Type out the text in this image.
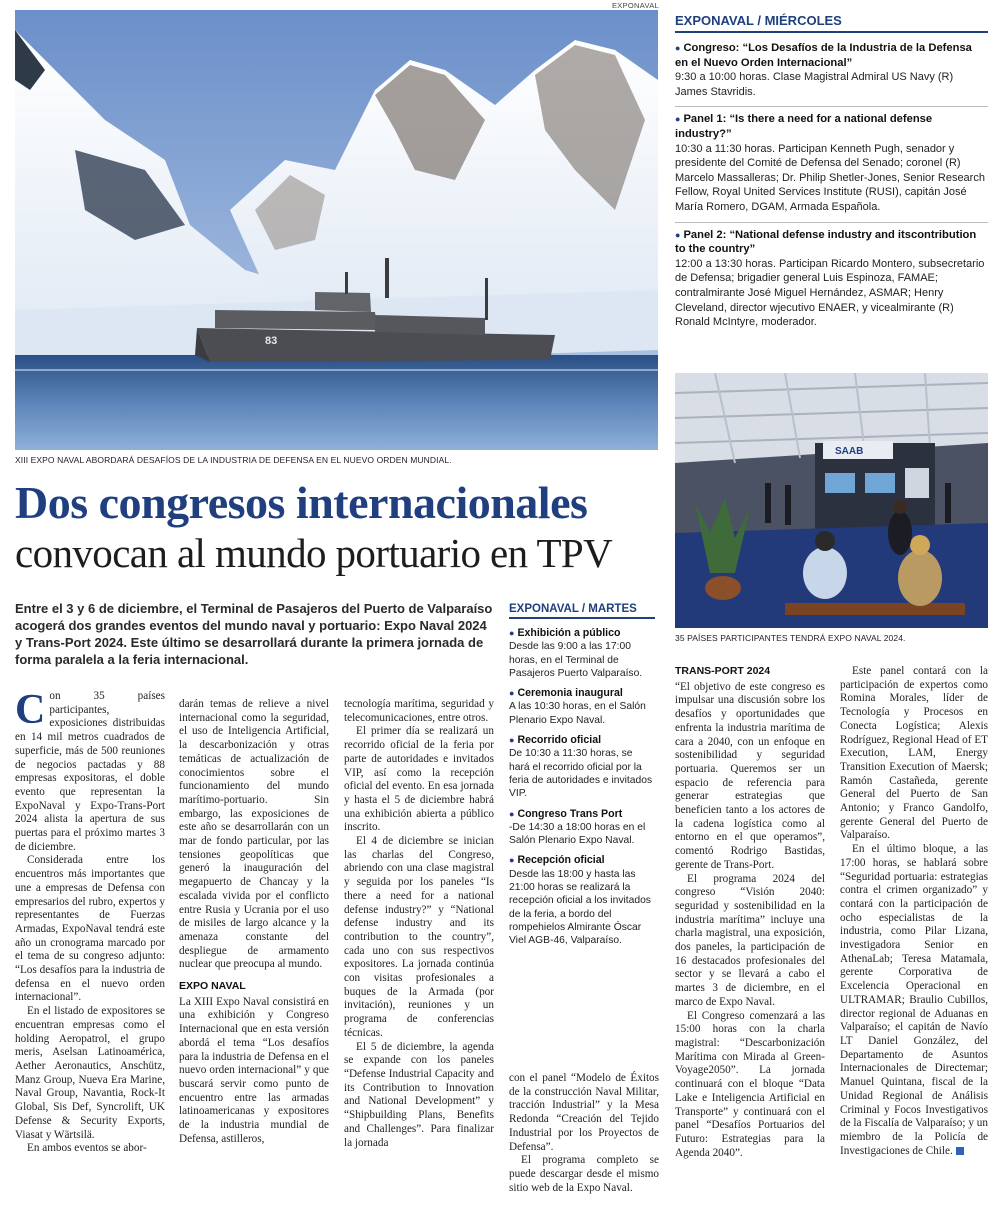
EXPONAVAL
83
XIII EXPO NAVAL ABORDARÁ DESAFÍOS DE LA INDUSTRIA DE DEFENSA EN EL NUEVO ORDEN MUNDIAL.
Dos congresos internacionales
convocan al mundo portuario en TPV
Entre el 3 y 6 de diciembre, el Terminal de Pasajeros del Puerto de Valparaíso acogerá dos grandes eventos del mundo naval y portuario: Expo Naval 2024 y Trans-Port 2024. Este último se desarrollará durante la primera jornada de forma paralela a la feria internacional.

Con 35 países participantes, exposiciones distribuidas en 14 mil metros cuadrados de superficie, más de 500 reuniones de negocios pactadas y 88 empresas expositoras, el doble evento que representan la ExpoNaval y Expo-Trans-Port 2024 alista la apertura de sus puertas para el próximo martes 3 de diciembre.

Considerada entre los encuentros más importantes que une a empresas de Defensa con empresarios del rubro, expertos y representantes de Fuerzas Armadas, ExpoNaval tendrá este año un cronograma marcado por el tema de su congreso adjunto: “Los desafíos para la industria de defensa en el nuevo orden internacional”.

En el listado de expositores se encuentran empresas como el holding Aeropatrol, el grupo meris, Aselsan Latinoamérica, Aether Aeronautics, Anschütz, Manz Group, Nueva Era Marine, Naval Group, Navantia, Rock-It Global, Sis Def, Syncrolift, UK Defense & Security Exports, Viasat y Wärtsilä.

En ambos eventos se abor-

darán temas de relieve a nivel internacional como la seguridad, el uso de Inteligencia Artificial, la descarbonización y otras temáticas de actualización de conocimientos sobre el funcionamiento del mundo marítimo-portuario. Sin embargo, las exposiciones de este año se desarrollarán con un mar de fondo particular, por las tensiones geopolíticas que generó la inauguración del megapuerto de Chancay y la escalada vivida por el conflicto entre Rusia y Ucrania por el uso de misiles de largo alcance y la amenaza constante del despliegue de armamento nuclear que preocupa al mundo.

EXPO NAVAL

La XIII Expo Naval consistirá en una exhibición y Congreso Internacional que en esta versión abordá el tema “Los desafíos para la industria de Defensa en el nuevo orden internacional” y que buscará servir como punto de encuentro entre las armadas latinoamericanas y expositores de la industria mundial de Defensa, astilleros,

tecnología marítima, seguridad y telecomunicaciones, entre otros.

El primer día se realizará un recorrido oficial de la feria por parte de autoridades e invitados VIP, así como la recepción oficial del evento. En esa jornada y hasta el 5 de diciembre habrá una exhibición abierta a público inscrito.

El 4 de diciembre se inician las charlas del Congreso, abriendo con una clase magistral y seguida por los paneles “Is there a need for a national defense industry?” y “National defense industry and its contribution to the country”, cada uno con sus respectivos expositores. La jornada continúa con visitas profesionales a buques de la Armada (por invitación), reuniones y un programa de conferencias técnicas.

El 5 de diciembre, la agenda se expande con los paneles “Defense Industrial Capacity and its Contribution to Innovation and National Development” y “Shipbuilding Plans, Benefits and Challenges”. Para finalizar la jornada

EXPONAVAL / MARTES
● Exhibición a público
Desde las 9:00 a las 17:00 horas, en el Terminal de Pasajeros Puerto Valparaíso.
● Ceremonia inaugural
A las 10:30 horas, en el Salón Plenario Expo Naval.
● Recorrido oficial
De 10:30 a 11:30 horas, se hará el recorrido oficial por la feria de autoridades e invitados VIP.
● Congreso Trans Port
-De 14:30 a 18:00 horas en el Salón Plenario Expo Naval.
● Recepción oficial
Desde las 18:00 y hasta las 21:00 horas se realizará la recepción oficial a los invitados de la feria, a bordo del rompehielos Almirante Óscar Viel AGB-46, Valparaíso.

con el panel “Modelo de Éxitos de la construcción Naval Militar, tracción Industrial” y la Mesa Redonda “Creación del Tejido Industrial por los Proyectos de Defensa”.

El programa completo se puede descargar desde el mismo sitio web de la Expo Naval.

EXPONAVAL / MIÉRCOLES
● Congreso: “Los Desafíos de la Industria de la Defensa en el Nuevo Orden Internacional”
9:30 a 10:00 horas. Clase Magistral Admiral US Navy (R) James Stavridis.
● Panel 1: “Is there a need for a national defense industry?”
10:30 a 11:30 horas. Participan Kenneth Pugh, senador y presidente del Comité de Defensa del Senado; coronel (R) Marcelo Massalleras; Dr. Philip Shetler-Jones, Senior Research Fellow, Royal United Services Institute (RUSI), capitán José María Romero, DGAM, Armada Española.
● Panel 2: “National defense industry and itscontribution to the country”
12:00 a 13:30 horas. Participan Ricardo Montero, subsecretario de Defensa; brigadier general Luis Espinoza, FAMAE; contralmirante José Miguel Hernández, ASMAR; Henry Cleveland, director wjecutivo ENAER, y vicealmirante (R) Ronald McIntyre, moderador.
SAAB
35 PAÍSES PARTICIPANTES TENDRÁ EXPO NAVAL 2024.
TRANS-PORT 2024

“El objetivo de este congreso es impulsar una discusión sobre los desafíos y oportunidades que enfrenta la industria marítima de cara a 2040, con un enfoque en sostenibilidad y seguridad portuaria. Queremos ser un espacio de referencia para generar estrategias que beneficien tanto a los actores de la cadena logística como al entorno en el que operamos”, comentó Rodrigo Bastidas, gerente de Trans-Port.

El programa 2024 del congreso “Visión 2040: seguridad y sostenibilidad en la industria marítima” incluye una charla magistral, una exposición, dos paneles, la participación de 16 destacados profesionales del sector y se llevará a cabo el martes 3 de diciembre, en el marco de Expo Naval.

El Congreso comenzará a las 15:00 horas con la charla magistral: “Descarbonización Marítima con Mirada al Green-Voyage2050”. La jornada continuará con el bloque “Data Lake e Inteligencia Artificial en Transporte” y continuará con el panel “Desafíos Portuarios del Futuro: Estrategias para la Agenda 2040”.

Este panel contará con la participación de expertos como Romina Morales, líder de Tecnología y Procesos en Conecta Logística; Alexis Rodríguez, Regional Head of ET Execution, LAM, Energy Transition Execution of Maersk; Ramón Castañeda, gerente General del Puerto de San Antonio; y Franco Gandolfo, gerente General del Puerto de Valparaíso.

En el último bloque, a las 17:00 horas, se hablará sobre “Seguridad portuaria: estrategias contra el crimen organizado” y contará con la participación de ocho especialistas de la industria, como Pilar Lizana, investigadora Senior en AthenaLab; Teresa Matamala, gerente Corporativa de Excelencia Operacional en ULTRAMAR; Braulio Cubillos, director regional de Aduanas en Valparaíso; el capitán de Navío LT Daniel González, del Departamento de Asuntos Internacionales de Directemar; Manuel Quintana, fiscal de la Unidad Regional de Análisis Criminal y Focos Investigativos de la Fiscalía de Valparaíso; y un miembro de la Policía de Investigaciones de Chile.
